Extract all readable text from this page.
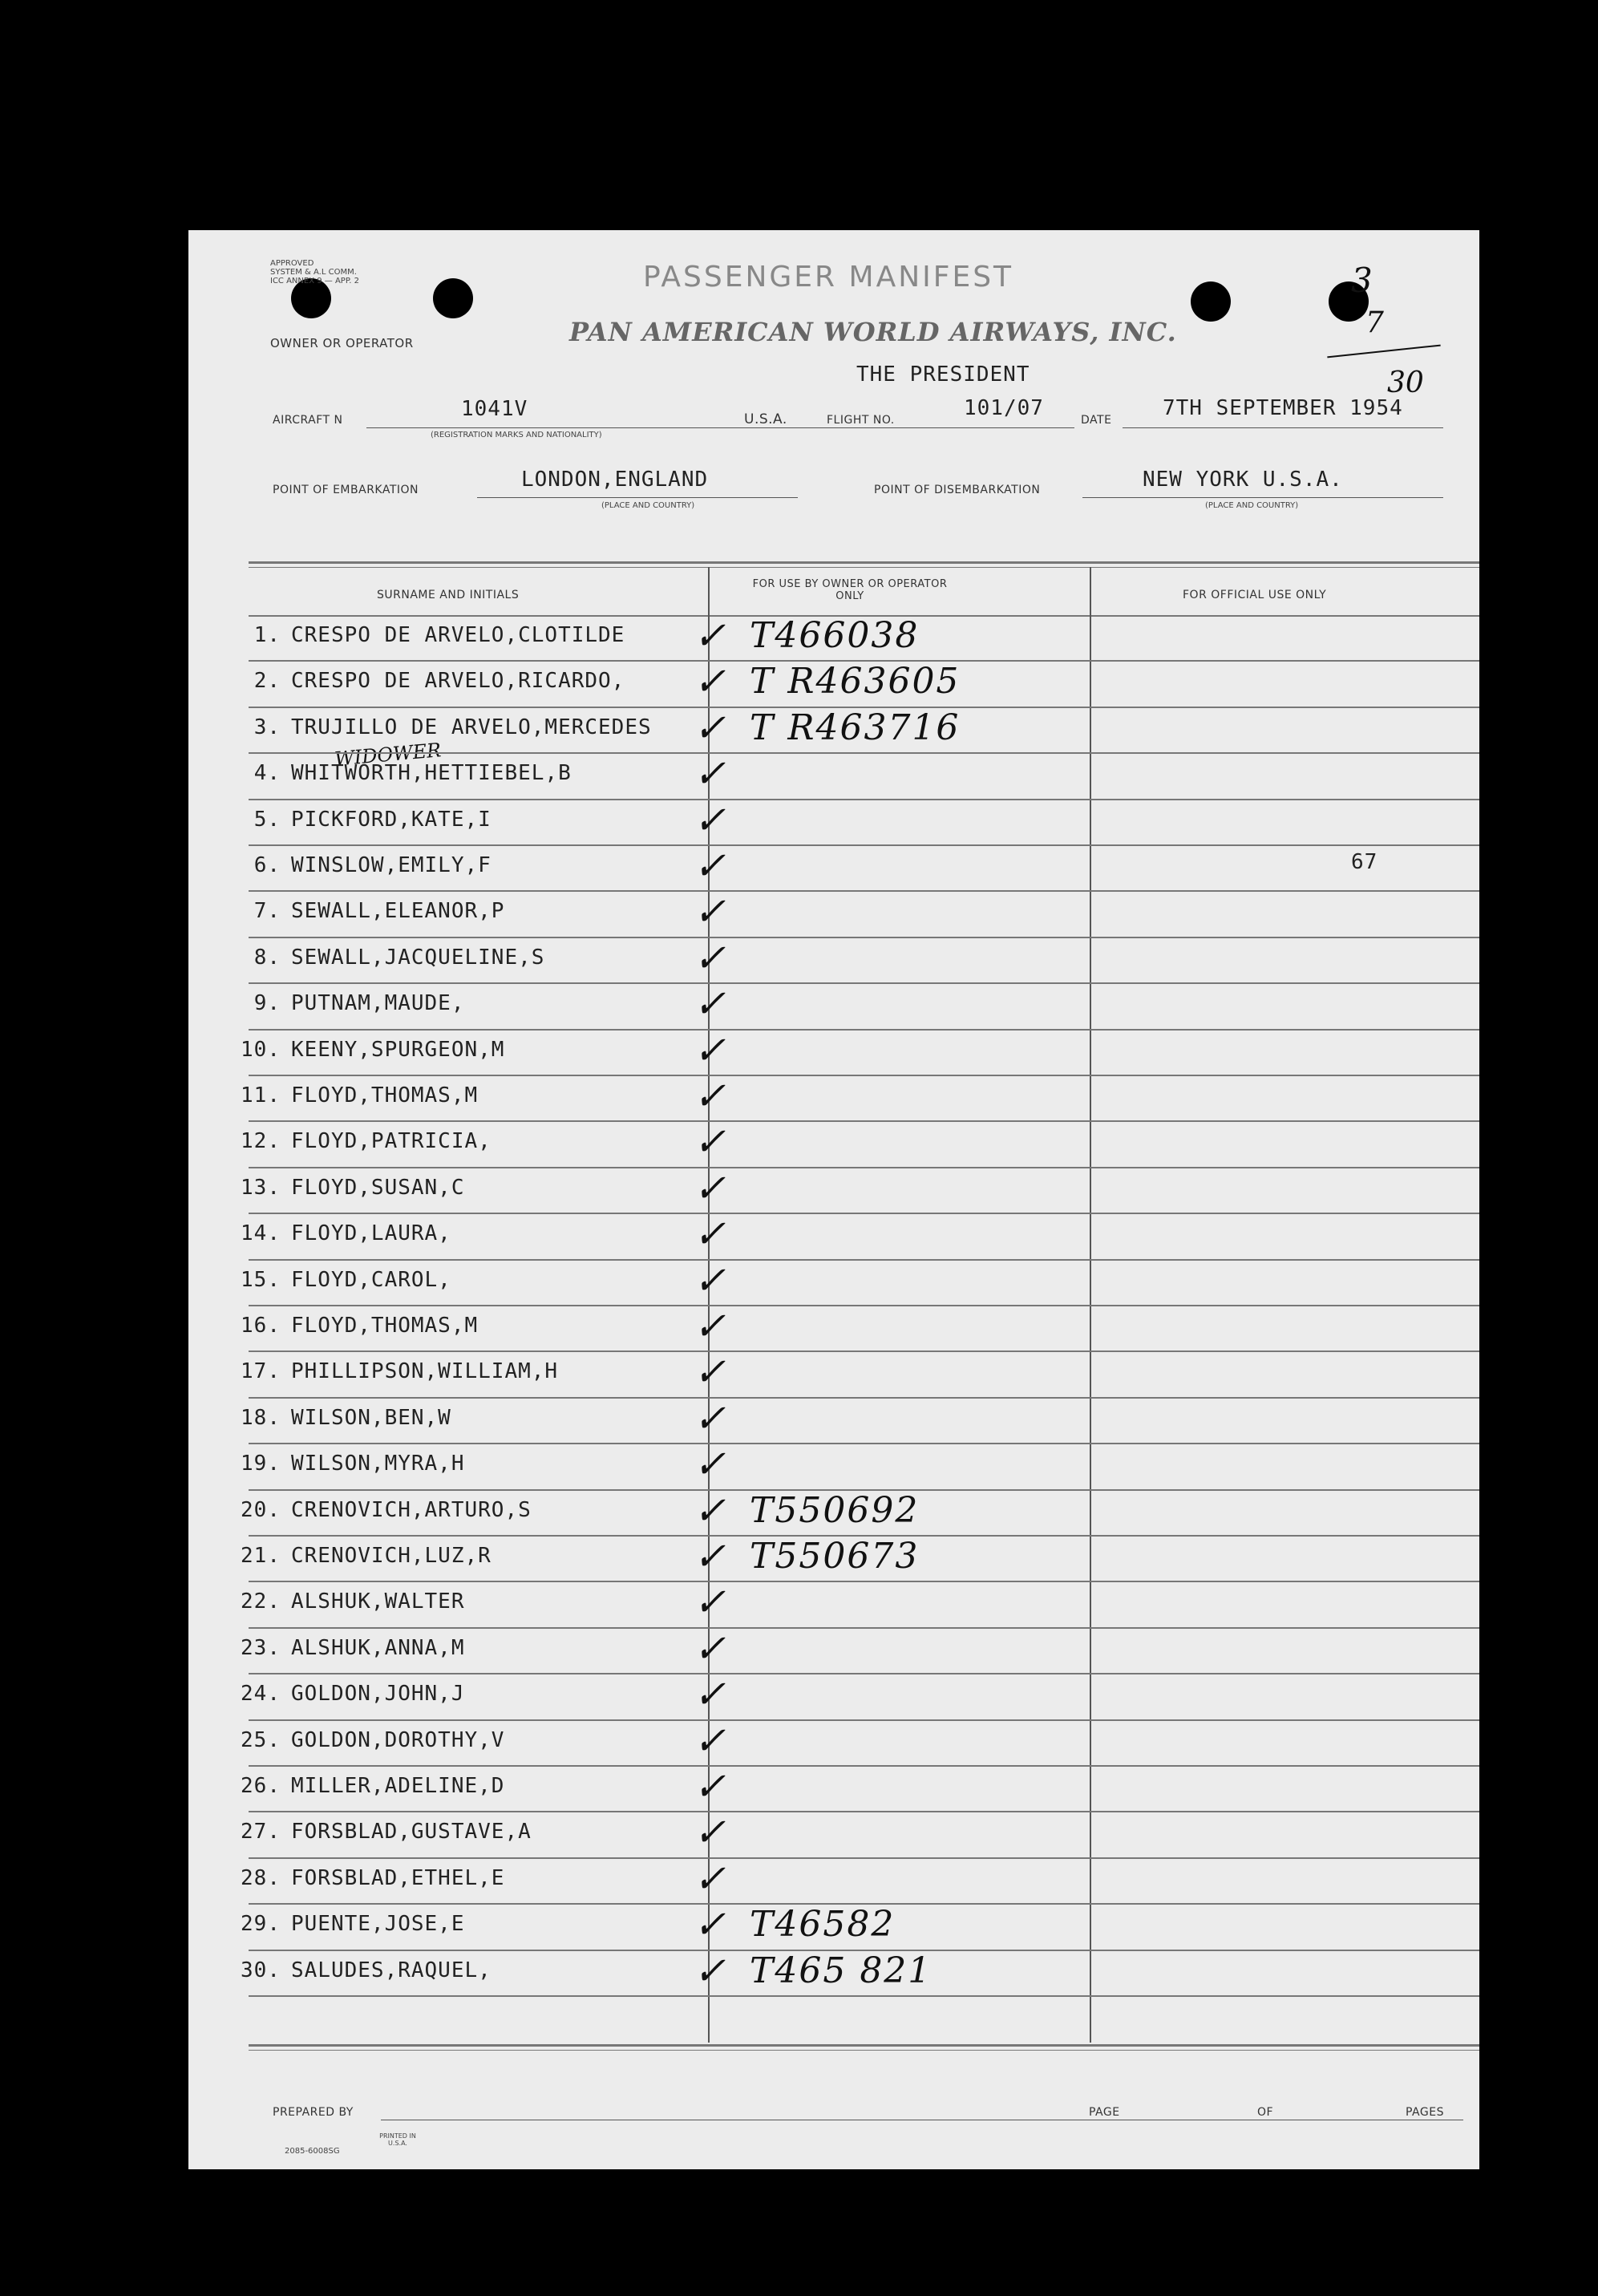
APPROVED
SYSTEM & A.L COMM.
ICC ANNEX 9 — APP. 2
OWNER OR OPERATOR
PASSENGER MANIFEST
PAN AMERICAN WORLD AIRWAYS, INC.
THE PRESIDENT
3
7
30
AIRCRAFT N	1041V
(REGISTRATION MARKS AND NATIONALITY)
U.S.A.	FLIGHT NO.	101/07	DATE 7TH SEPTEMBER 1954
POINT OF EMBARKATION	LONDON,ENGLAND
(PLACE AND COUNTRY)
POINT OF DISEMBARKATION	NEW YORK U.S.A.
(PLACE AND COUNTRY)
SURNAME AND INITIALS
FOR USE BY OWNER OR OPERATOR ONLY	FOR OFFICIAL USE ONLY
WIDOWER
1. CRESPO DE ARVELO,CLOTILDE ✓ T466038
2. CRESPO DE ARVELO,RICARDO, ✓ T R463605
3. TRUJILLO DE ARVELO,MERCEDES ✓ T R463716
4. WHITWORTH,HETTIEBEL,B	✓
5. PICKFORD,KATE,I	✓
6. WINSLOW,EMILY,F	✓	67
7. SEWALL,ELEANOR,P	✓
8. SEWALL,JACQUELINE,S	✓
9. PUTNAM,MAUDE,	✓
10. KEENY,SPURGEON,M	✓
11. FLOYD,THOMAS,M	✓
12. FLOYD,PATRICIA,	✓
13. FLOYD,SUSAN,C	✓
14. FLOYD,LAURA,	✓
15. FLOYD,CAROL,	✓
16. FLOYD,THOMAS,M	✓
17. PHILLIPSON,WILLIAM,H	✓
18. WILSON,BEN,W	✓
19. WILSON,MYRA,H	✓
20. CRENOVICH,ARTURO,S	✓ T550692
21. CRENOVICH,LUZ,R	✓ T550673
22. ALSHUK,WALTER	✓
23. ALSHUK,ANNA,M	✓
24. GOLDON,JOHN,J	✓
25. GOLDON,DOROTHY,V	✓
26. MILLER,ADELINE,D	✓
27. FORSBLAD,GUSTAVE,A	✓
28. FORSBLAD,ETHEL,E	✓
29. PUENTE,JOSE,E	✓ T46582
30. SALUDES,RAQUEL,	✓ T465 821
PREPARED BY	PAGE	OF	PAGES
2085-6008SG
PRINTED IN U.S.A.
